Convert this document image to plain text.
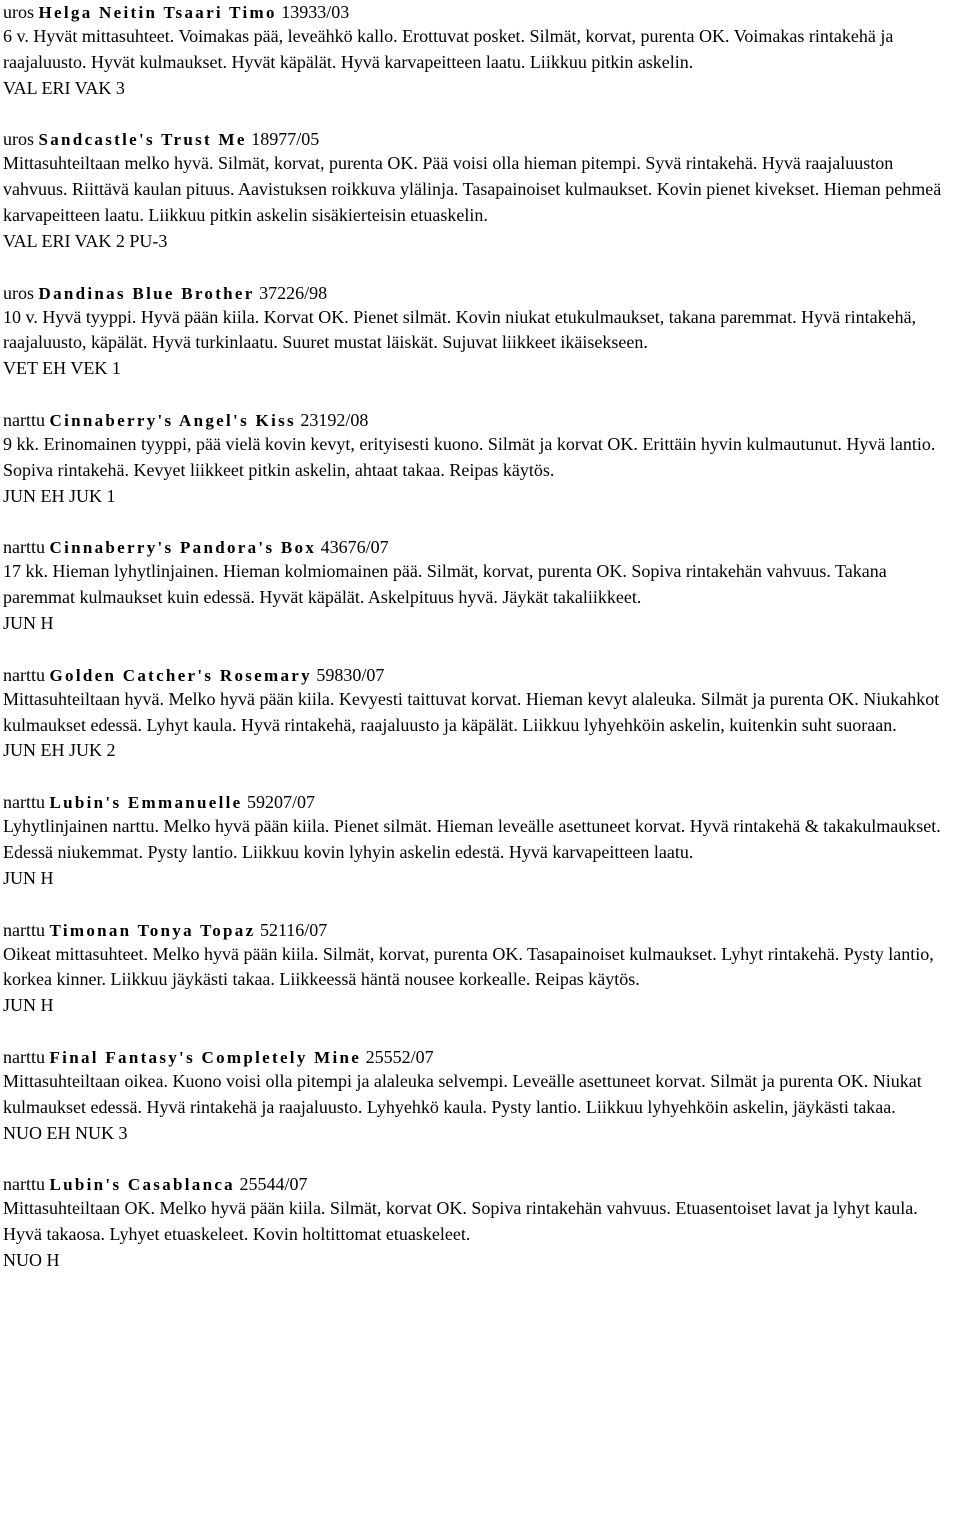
uros Helga Neitin Tsaari Timo 13933/03

6 v. Hyvät mittasuhteet. Voimakas pää, leveähkö kallo. Erottuvat posket. Silmät, korvat, purenta OK. Voimakas rintakehä ja raajaluusto. Hyvät kulmaukset. Hyvät käpälät. Hyvä karvapeitteen laatu. Liikkuu pitkin askelin.

VAL ERI VAK 3

uros Sandcastle's Trust Me 18977/05

Mittasuhteiltaan melko hyvä. Silmät, korvat, purenta OK. Pää voisi olla hieman pitempi. Syvä rintakehä. Hyvä raajaluuston vahvuus. Riittävä kaulan pituus. Aavistuksen roikkuva ylälinja. Tasapainoiset kulmaukset. Kovin pienet kivekset. Hieman pehmeä karvapeitteen laatu. Liikkuu pitkin askelin sisäkierteisin etuaskelin.

VAL ERI VAK 2 PU-3

uros Dandinas Blue Brother 37226/98

10 v. Hyvä tyyppi. Hyvä pään kiila. Korvat OK. Pienet silmät. Kovin niukat etukulmaukset, takana paremmat. Hyvä rintakehä, raajaluusto, käpälät. Hyvä turkinlaatu. Suuret mustat läiskät. Sujuvat liikkeet ikäisekseen.

VET EH VEK 1

narttu Cinnaberry's Angel's Kiss 23192/08

9 kk. Erinomainen tyyppi, pää vielä kovin kevyt, erityisesti kuono. Silmät ja korvat OK. Erittäin hyvin kulmautunut. Hyvä lantio. Sopiva rintakehä. Kevyet liikkeet pitkin askelin, ahtaat takaa. Reipas käytös.

JUN EH JUK 1

narttu Cinnaberry's Pandora's Box 43676/07

17 kk. Hieman lyhytlinjainen. Hieman kolmiomainen pää. Silmät, korvat, purenta OK. Sopiva rintakehän vahvuus. Takana paremmat kulmaukset kuin edessä. Hyvät käpälät. Askelpituus hyvä. Jäykät takaliikkeet.

JUN H

narttu Golden Catcher's Rosemary 59830/07

Mittasuhteiltaan hyvä. Melko hyvä pään kiila. Kevyesti taittuvat korvat. Hieman kevyt alaleuka. Silmät ja purenta OK. Niukahkot kulmaukset edessä. Lyhyt kaula. Hyvä rintakehä, raajaluusto ja käpälät. Liikkuu lyhyehköin askelin, kuitenkin suht suoraan.

JUN EH JUK 2

narttu Lubin's Emmanuelle 59207/07

Lyhytlinjainen narttu. Melko hyvä pään kiila. Pienet silmät. Hieman leveälle asettuneet korvat. Hyvä rintakehä & takakulmaukset. Edessä niukemmat. Pysty lantio. Liikkuu kovin lyhyin askelin edestä. Hyvä karvapeitteen laatu.

JUN H

narttu Timonan Tonya Topaz 52116/07

Oikeat mittasuhteet. Melko hyvä pään kiila. Silmät, korvat, purenta OK. Tasapainoiset kulmaukset. Lyhyt rintakehä. Pysty lantio, korkea kinner. Liikkuu jäykästi takaa. Liikkeessä häntä nousee korkealle. Reipas käytös.

JUN H

narttu Final Fantasy's Completely Mine 25552/07

Mittasuhteiltaan oikea. Kuono voisi olla pitempi ja alaleuka selvempi. Leveälle asettuneet korvat. Silmät ja purenta OK. Niukat kulmaukset edessä. Hyvä rintakehä ja raajaluusto. Lyhyehkö kaula. Pysty lantio. Liikkuu lyhyehköin askelin, jäykästi takaa.

NUO EH NUK 3

narttu Lubin's Casablanca 25544/07

Mittasuhteiltaan OK. Melko hyvä pään kiila. Silmät, korvat OK. Sopiva rintakehän vahvuus. Etuasentoiset lavat ja lyhyt kaula. Hyvä takaosa. Lyhyet etuaskeleet. Kovin holtittomat etuaskeleet.

NUO H
